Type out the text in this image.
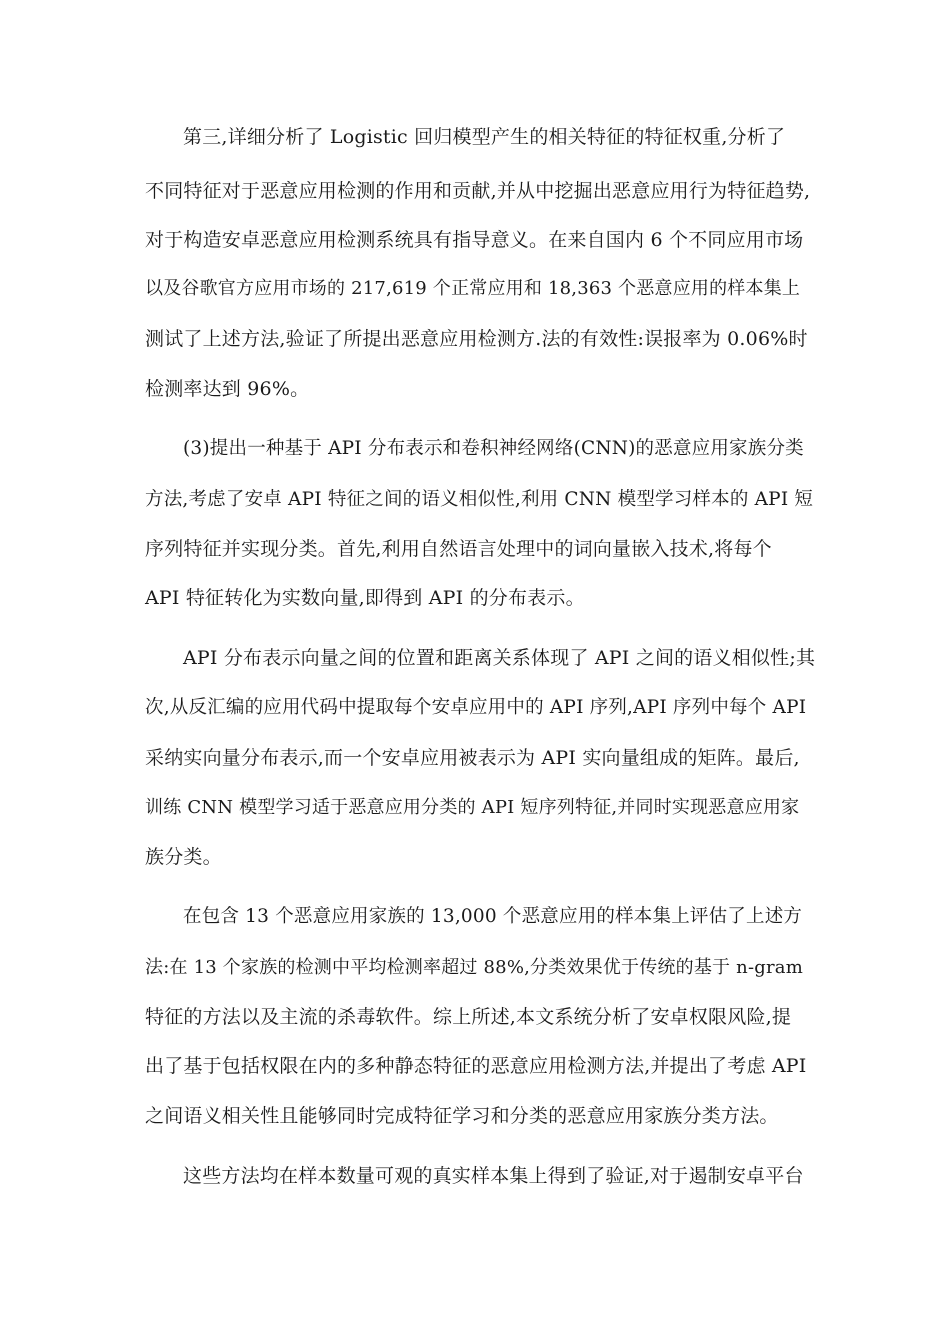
第三,详细分析了 Logistic 回归模型产生的相关特征的特征权重,分析了
不同特征对于恶意应用检测的作用和贡献,并从中挖掘出恶意应用行为特征趋势,
对于构造安卓恶意应用检测系统具有指导意义。在来自国内 6 个不同应用市场
以及谷歌官方应用市场的 217,619 个正常应用和 18,363 个恶意应用的样本集上
测试了上述方法,验证了所提出恶意应用检测方.法的有效性:误报率为 0.06%时
检测率达到 96%。
(3)提出一种基于 API 分布表示和卷积神经网络(CNN)的恶意应用家族分类
方法,考虑了安卓 API 特征之间的语义相似性,利用 CNN 模型学习样本的 API 短
序列特征并实现分类。首先,利用自然语言处理中的词向量嵌入技术,将每个
API 特征转化为实数向量,即得到 API 的分布表示。
API 分布表示向量之间的位置和距离关系体现了 API 之间的语义相似性;其
次,从反汇编的应用代码中提取每个安卓应用中的 API 序列,API 序列中每个 API
采纳实向量分布表示,而一个安卓应用被表示为 API 实向量组成的矩阵。最后,
训练 CNN 模型学习适于恶意应用分类的 API 短序列特征,并同时实现恶意应用家
族分类。
在包含 13 个恶意应用家族的 13,000 个恶意应用的样本集上评估了上述方
法:在 13 个家族的检测中平均检测率超过 88%,分类效果优于传统的基于 n-gram
特征的方法以及主流的杀毒软件。综上所述,本文系统分析了安卓权限风险,提
出了基于包括权限在内的多种静态特征的恶意应用检测方法,并提出了考虑 API
之间语义相关性且能够同时完成特征学习和分类的恶意应用家族分类方法。
这些方法均在样本数量可观的真实样本集上得到了验证,对于遏制安卓平台
